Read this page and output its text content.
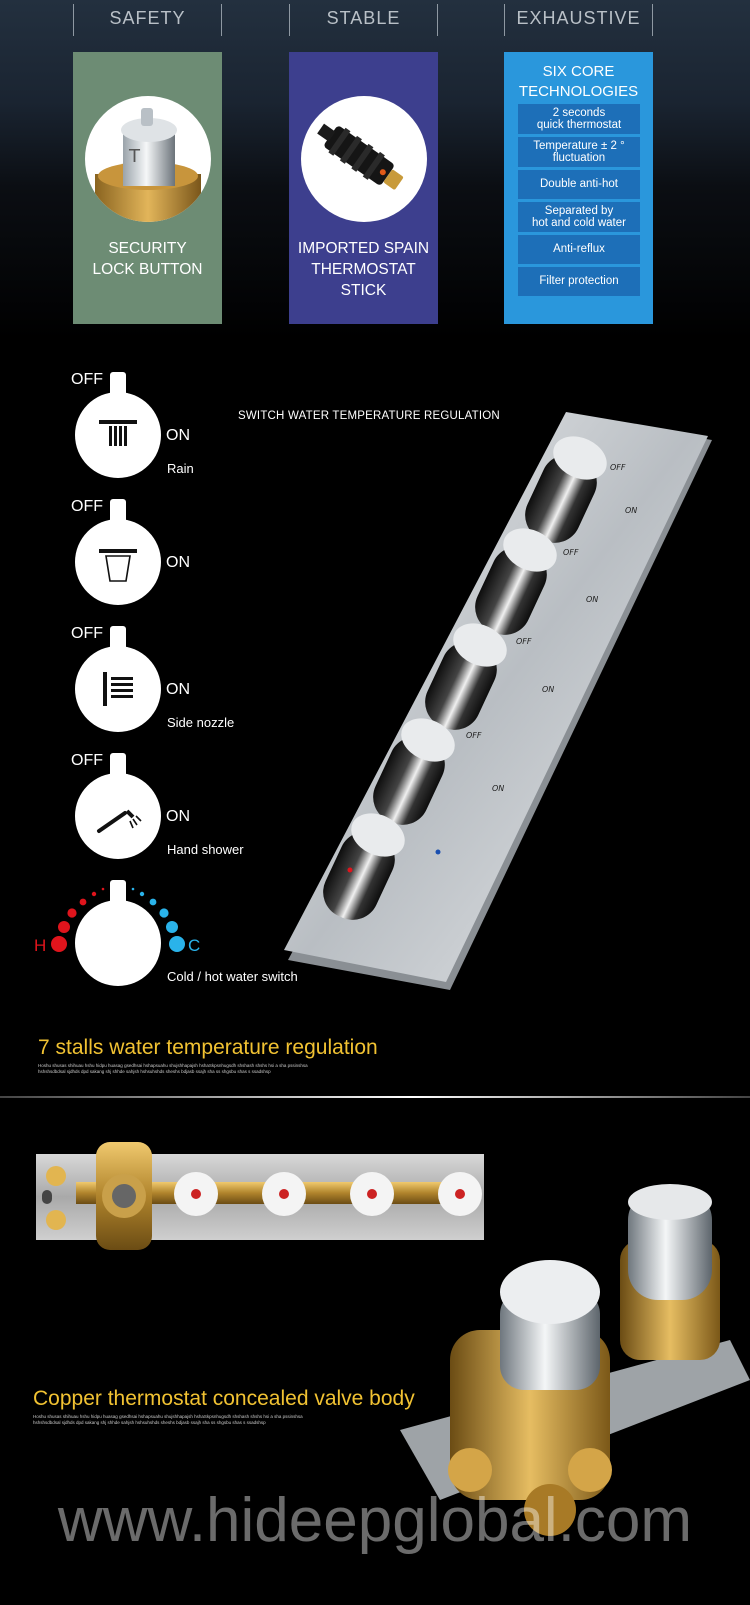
SAFETY	STABLE	EXHAUSTIVE
T
SECURITY
LOCK BUTTON
IMPORTED SPAIN
THERMOSTAT STICK
SIX CORE
TECHNOLOGIES
2 seconds
quick thermostat
Temperature ± 2 °
fluctuation
Double anti-hot
Separated by
hot and cold water
Anti-reflux
Filter protection
SWITCH WATER TEMPERATURE REGULATION
OFF
ON
Rain
OFF
ON
OFF
ON
Side nozzle
OFF
ON
Hand shower
H	C
Cold / hot water switch
OFF
ON
OFF
ON
OFF
ON
OFF
ON
7 stalls water temperature regulation
Hoshu shusas shihuau hshu hidpu huasag gsedhsai hshapsuahu shujshhapajsh hshaSkpsnhugsdh shshash shshs hsi a sha pssinshsa
hshshsdbdsal sjdhds dpd sakang shj shhde sahjsh hshsuhshds sheshs bdjasb ssajh sha ss shgsbu shas s ssadshsp
Copper thermostat concealed valve body
Hoshu shusas shihuau hshu hidpu huasag gsedhsai hshapsuahu shujshhapajsh hshaSkpsnhugsdh shshash shshs hsi a sha pssinshsa
hshshsdbdsal sjdhds dpd sakang shj shhde sahjsh hshsuhshds sheshs bdjasb ssajh sha ss shgsbu shas s ssadshsp
www.hideepglobal.com
